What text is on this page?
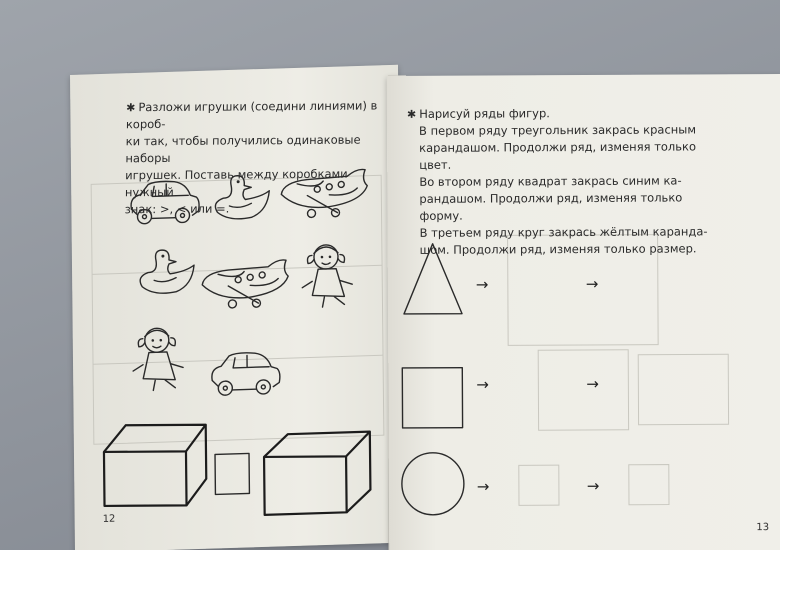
✱ Разложи игрушки (соедини линиями) в короб-
ки так, чтобы получились одинаковые наборы
игрушек. Поставь между коробками нужный
знак: >, < или =.
12

✱ Нарисуй ряды фигур.

В первом ряду треугольник закрась красным

карандашом. Продолжи ряд, изменяя только

цвет.

Во втором ряду квадрат закрась синим ка-

рандашом. Продолжи ряд, изменяя только

форму.

В третьем ряду круг закрась жёлтым каранда-

шом. Продолжи ряд, изменяя только размер.

→	→
→	→
→	→
13
